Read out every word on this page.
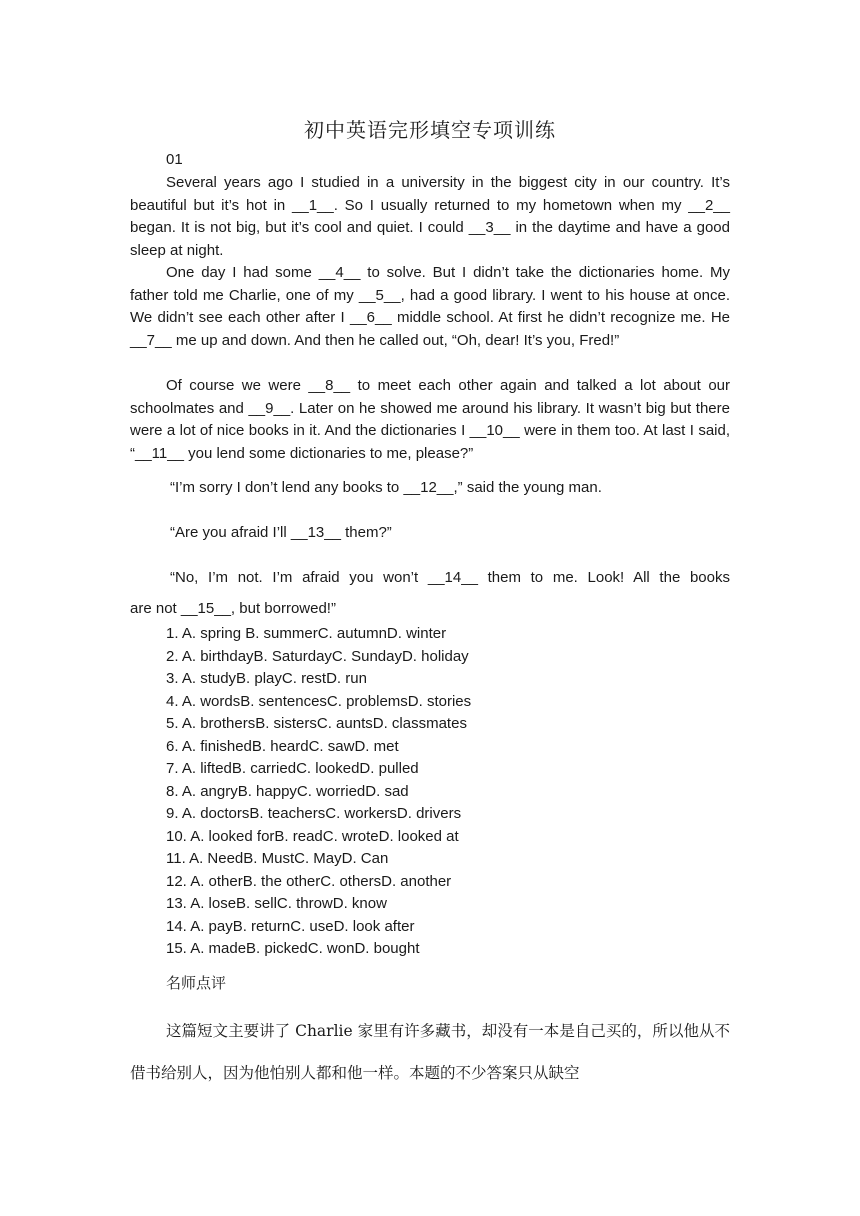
初中英语完形填空专项训练
01

Several years ago I studied in a university in the biggest city in our country. It’s beautiful but it’s hot in __1__. So I usually returned to my hometown when my __2__ began. It is not big, but it’s cool and quiet. I could __3__ in the daytime and have a good sleep at night.

One day I had some __4__ to solve. But I didn’t take the dictionaries home. My father told me Charlie, one of my __5__, had a good library. I went to his house at once. We didn’t see each other after I __6__ middle school. At first he didn’t recognize me. He __7__ me up and down. And then he called out, “Oh, dear! It’s you, Fred!”

Of course we were __8__ to meet each other again and talked a lot about our schoolmates and __9__. Later on he showed me around his library. It wasn’t big but there were a lot of nice books in it. And the dictionaries I __10__ were in them too. At last I said, “__11__ you lend some dictionaries to me, please?”

“I’m sorry I don’t lend any books to __12__,” said the young man.

“Are you afraid I’ll __13__ them?”

“No, I’m not. I’m afraid you won’t __14__ them to me. Look! All the books

are not __15__, but borrowed!”

1. A. spring B. summerC. autumnD. winter
2. A. birthdayB. SaturdayC. SundayD. holiday
3. A. studyB. playC. restD. run
4. A. wordsB. sentencesC. problemsD. stories
5. A. brothersB. sistersC. auntsD. classmates
6. A. finishedB. heardC. sawD. met
7. A. liftedB. carriedC. lookedD. pulled
8. A. angryB. happyC. worriedD. sad
9. A. doctorsB. teachersC. workersD. drivers
10. A. looked forB. readC. wroteD. looked at
11. A. NeedB. MustC. MayD. Can
12. A. otherB. the otherC. othersD. another
13. A. loseB. sellC. throwD. know
14. A. payB. returnC. useD. look after
15. A. madeB. pickedC. wonD. bought
名师点评

这篇短文主要讲了 Charlie 家里有许多藏书，却没有一本是自己买的，所以他从不借书给别人，因为他怕别人都和他一样。本题的不少答案只从缺空
